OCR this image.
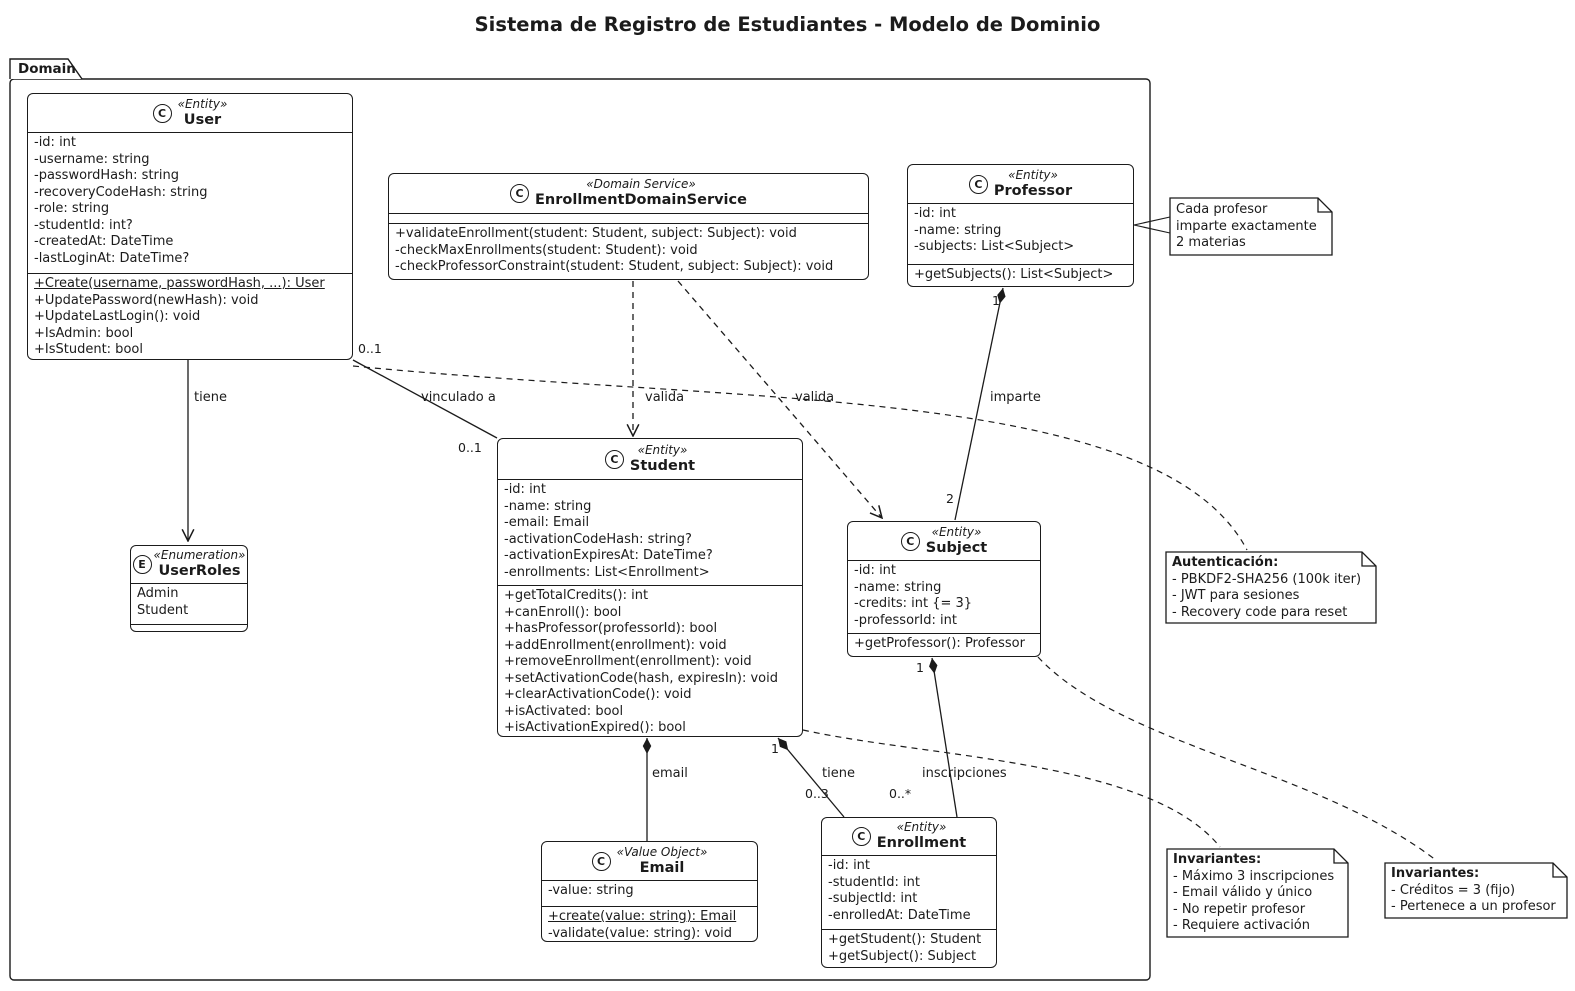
Sistema de Registro de Estudiantes - Modelo de Dominio
Domain
C
«Entity»
User
-id: int
-username: string
-passwordHash: string
-recoveryCodeHash: string
-role: string
-studentId: int?
-createdAt: DateTime
-lastLoginAt: DateTime?
+Create(username, passwordHash, ...): User
+UpdatePassword(newHash): void
+UpdateLastLogin(): void
+IsAdmin: bool
+IsStudent: bool
C
«Domain Service»
EnrollmentDomainService
+validateEnrollment(student: Student, subject: Subject): void
-checkMaxEnrollments(student: Student): void
-checkProfessorConstraint(student: Student, subject: Subject): void
C
«Entity»
Professor
-id: int
-name: string
-subjects: List<Subject>
+getSubjects(): List<Subject>
E
«Enumeration»
UserRoles
Admin
Student
C
«Entity»
Student
-id: int
-name: string
-email: Email
-activationCodeHash: string?
-activationExpiresAt: DateTime?
-enrollments: List<Enrollment>
+getTotalCredits(): int
+canEnroll(): bool
+hasProfessor(professorId): bool
+addEnrollment(enrollment): void
+removeEnrollment(enrollment): void
+setActivationCode(hash, expiresIn): void
+clearActivationCode(): void
+isActivated: bool
+isActivationExpired(): bool
C
«Entity»
Subject
-id: int
-name: string
-credits: int {= 3}
-professorId: int
+getProfessor(): Professor
C
«Value Object»
Email
-value: string
+create(value: string): Email
-validate(value: string): void
C
«Entity»
Enrollment
-id: int
-studentId: int
-subjectId: int
-enrolledAt: DateTime
+getStudent(): Student
+getSubject(): Subject
Cada profesor
imparte exactamente
2 materias
Autenticación:
- PBKDF2-SHA256 (100k iter)
- JWT para sesiones
- Recovery code para reset
Invariantes:
- Máximo 3 inscripciones
- Email válido y único
- No repetir profesor
- Requiere activación
Invariantes:
- Créditos = 3 (fijo)
- Pertenece a un profesor
tiene	vinculado a	valida	valida	imparte
email	tiene	inscripciones
0..1
0..1
1
2
1
0..*
1
0..3
